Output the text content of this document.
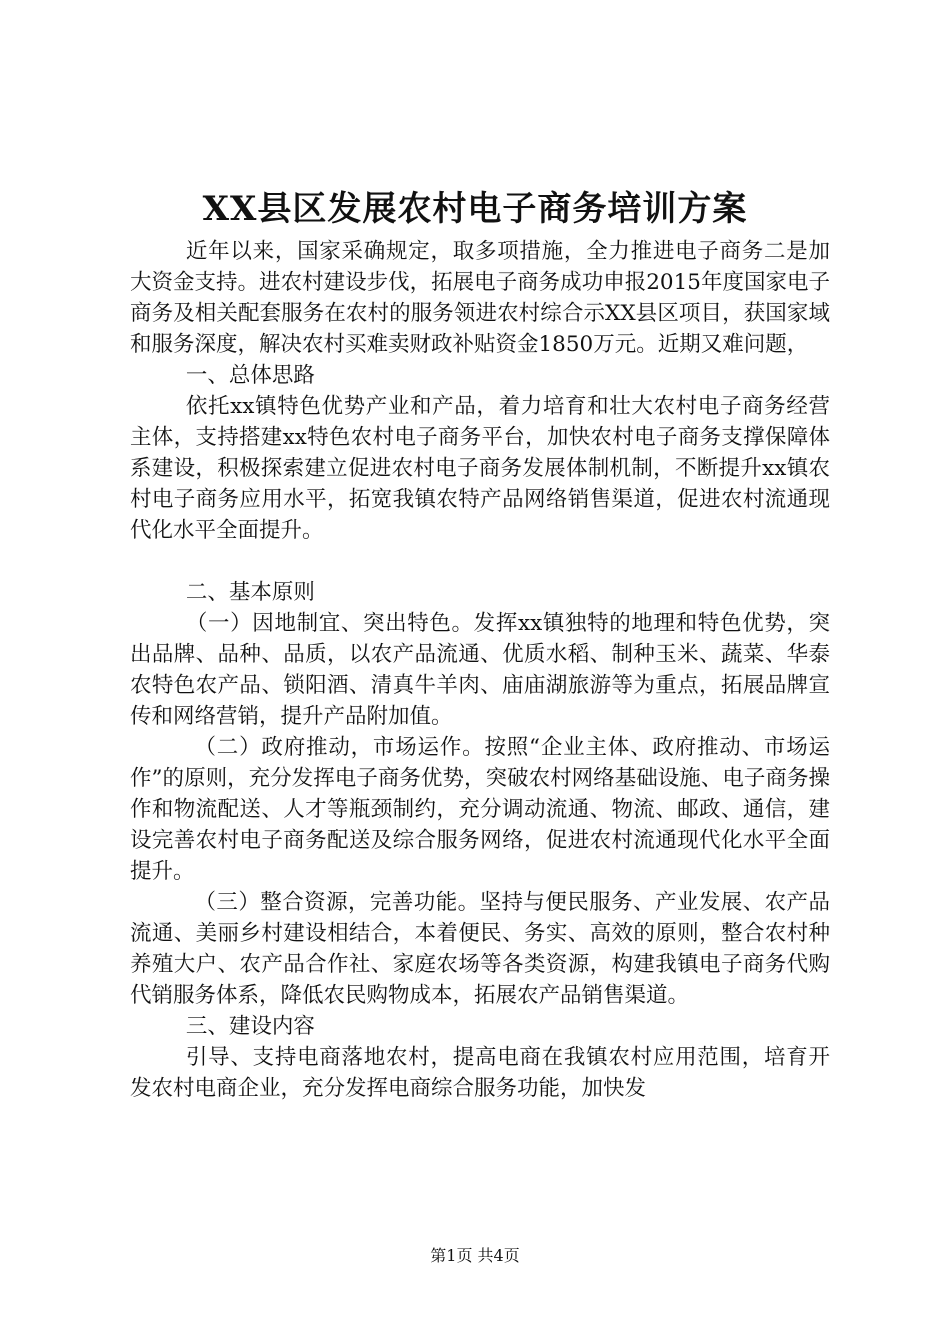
XX县区发展农村电子商务培训方案

近年以来，国家采确规定，取多项措施，全力推进电子商务二是加大资金支持。进农村建设步伐，拓展电子商务成功申报2015年度国家电子商务及相关配套服务在农村的服务领进农村综合示XX县区项目，获国家域和服务深度，解决农村买难卖财政补贴资金1850万元。近期又难问题，

一、总体思路

依托xx镇特色优势产业和产品，着力培育和壮大农村电子商务经营主体，支持搭建xx特色农村电子商务平台，加快农村电子商务支撑保障体系建设，积极探索建立促进农村电子商务发展体制机制，不断提升xx镇农村电子商务应用水平，拓宽我镇农特产品网络销售渠道，促进农村流通现代化水平全面提升。

二、基本原则

（一）因地制宜、突出特色。发挥xx镇独特的地理和特色优势，突出品牌、品种、品质，以农产品流通、优质水稻、制种玉米、蔬菜、华泰农特色农产品、锁阳酒、清真牛羊肉、庙庙湖旅游等为重点，拓展品牌宣传和网络营销，提升产品附加值。

（二）政府推动，市场运作。按照“企业主体、政府推动、市场运作”的原则，充分发挥电子商务优势，突破农村网络基础设施、电子商务操作和物流配送、人才等瓶颈制约，充分调动流通、物流、邮政、通信，建设完善农村电子商务配送及综合服务网络，促进农村流通现代化水平全面提升。

（三）整合资源，完善功能。坚持与便民服务、产业发展、农产品流通、美丽乡村建设相结合，本着便民、务实、高效的原则，整合农村种养殖大户、农产品合作社、家庭农场等各类资源，构建我镇电子商务代购代销服务体系，降低农民购物成本，拓展农产品销售渠道。

三、建设内容

引导、支持电商落地农村，提高电商在我镇农村应用范围，培育开发农村电商企业，充分发挥电商综合服务功能，加快发

第1页 共4页
